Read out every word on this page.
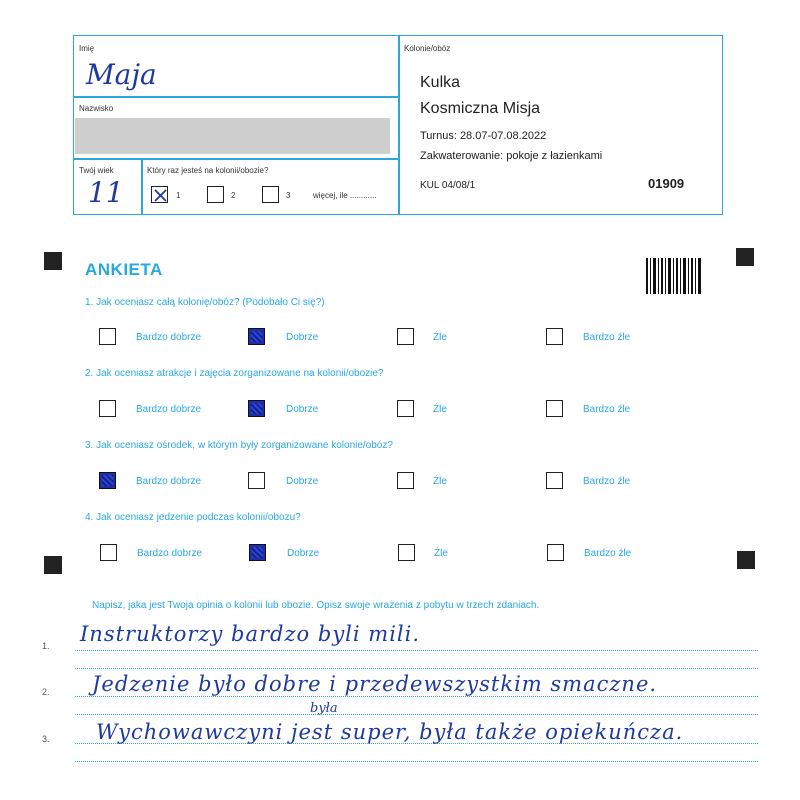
Imię
Maja
Nazwisko
Twój wiek
11
Który raz jesteś na kolonii/obozie?
1	2	3	więcej, ile ............
Kolonie/obóz
Kulka
Kosmiczna Misja
Turnus: 28.07-07.08.2022
Zakwaterowanie: pokoje z łazienkami
KUL 04/08/1	01909
ANKIETA
1. Jak oceniasz całą kolonię/obóz? (Podobało Ci się?)
Bardzo dobrze	Dobrze	Źle	Bardzo źle
2. Jak oceniasz atrakcje i zajęcia zorganizowane na kolonii/obozie?
Bardzo dobrze	Dobrze	Źle	Bardzo źle
3. Jak oceniasz ośrodek, w którym były zorganizowane kolonie/obóz?
Bardzo dobrze	Dobrze	Źle	Bardzo źle
4. Jak oceniasz jedzenie podczas kolonii/obozu?
Bardzo dobrze	Dobrze	Źle	Bardzo źle
Napisz, jaka jest Twoja opinia o kolonii lub obozie. Opisz swoje wrażenia z pobytu w trzech zdaniach.
1. Instruktorzy bardzo byli mili.
2. Jedzenie było dobre i przedewszystkim smaczne.
3.
była
Wychowawczyni jest super, była także opiekuńcza.
